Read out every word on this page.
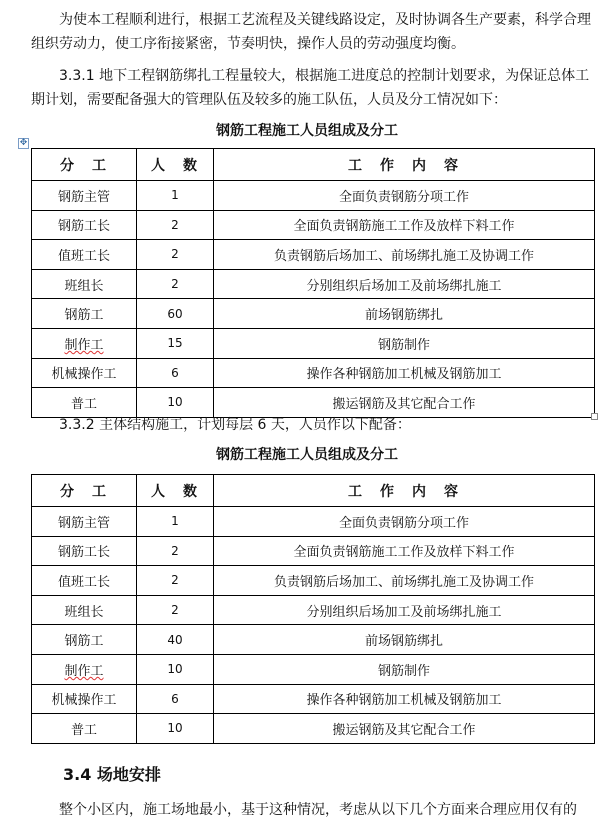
为使本工程顺利进行，根据工艺流程及关键线路设定，及时协调各生产要素，科学合理组织劳动力，使工序衔接紧密，节奏明快，操作人员的劳动强度均衡。

3.3.1 地下工程钢筋绑扎工程量较大，根据施工进度总的控制计划要求，为保证总体工期计划，需要配备强大的管理队伍及较多的施工队伍，人员及分工情况如下：

钢筋工程施工人员组成及分工
✥
分　工	人　数	工　作　内　容
钢筋主管	1	全面负责钢筋分项工作
钢筋工长	2	全面负责钢筋施工工作及放样下料工作
值班工长	2	负责钢筋后场加工、前场绑扎施工及协调工作
班组长	2	分别组织后场加工及前场绑扎施工
钢筋工	60	前场钢筋绑扎
制作工	15	钢筋制作
机械操作工	6	操作各种钢筋加工机械及钢筋加工
普工	10	搬运钢筋及其它配合工作

3.3.2 主体结构施工，计划每层 6 天，人员作以下配备：

钢筋工程施工人员组成及分工
分　工	人　数	工　作　内　容
钢筋主管	1	全面负责钢筋分项工作
钢筋工长	2	全面负责钢筋施工工作及放样下料工作
值班工长	2	负责钢筋后场加工、前场绑扎施工及协调工作
班组长	2	分别组织后场加工及前场绑扎施工
钢筋工	40	前场钢筋绑扎
制作工	10	钢筋制作
机械操作工	6	操作各种钢筋加工机械及钢筋加工
普工	10	搬运钢筋及其它配合工作

3.4 场地安排

整个小区内，施工场地最小，基于这种情况，考虑从以下几个方面来合理应用仅有的
